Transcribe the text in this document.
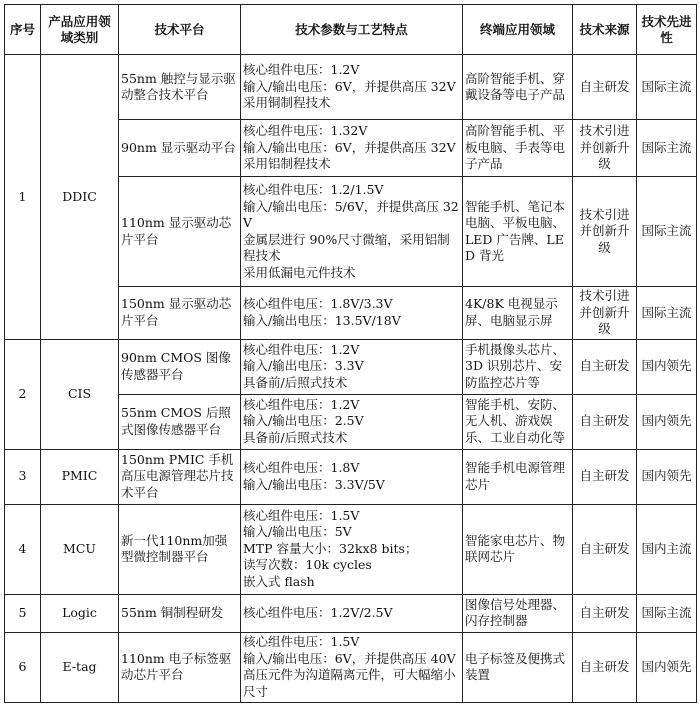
序号	产品应用领域类别	技术平台	技术参数与工艺特点	终端应用领域	技术来源	技术先进性
1	DDIC	55nm 触控与显示驱动整合技术平台	核心组件电压：1.2V
输入/输出电压：6V，并提供高压 32V
采用铜制程技术	高阶智能手机、穿戴设备等电子产品	自主研发	国际主流
		90nm 显示驱动平台	核心组件电压：1.32V
输入/输出电压：6V，并提供高压 32V
采用铝制程技术	高阶智能手机、平板电脑、手表等电子产品	技术引进并创新升级	国际主流
		110nm 显示驱动芯片平台	核心组件电压：1.2/1.5V
输入/输出电压：5/6V，并提供高压 32V
金属层进行 90%尺寸微缩，采用铝制程技术
采用低漏电元件技术	智能手机、笔记本电脑、平板电脑、LED 广告牌、LED 背光	技术引进并创新升级	国际主流
		150nm 显示驱动芯片平台	核心组件电压：1.8V/3.3V
输入/输出电压：13.5V/18V	4K/8K 电视显示屏、电脑显示屏	技术引进并创新升级	国际主流
2	CIS	90nm CMOS 图像传感器平台	核心组件电压：1.2V
输入/输出电压：3.3V
具备前/后照式技术	手机摄像头芯片、3D 识别芯片、安防监控芯片等	自主研发	国内领先
		55nm CMOS 后照式图像传感器平台	核心组件电压：1.2V
输入/输出电压：2.5V
具备前/后照式技术	智能手机、安防、无人机、游戏娱乐、工业自动化等	自主研发	国内领先
3	PMIC	150nm PMIC 手机高压电源管理芯片技术平台	核心组件电压：1.8V
输入/输出电压：3.3V/5V	智能手机电源管理芯片	自主研发	国内领先
4	MCU	新一代110nm加强型微控制器平台	核心组件电压：1.5V
输入/输出电压：5V
MTP 容量大小：32kx8 bits；
读写次数：10k cycles
嵌入式 flash	智能家电芯片、物联网芯片	自主研发	国内主流
5	Logic	55nm 铜制程研发	核心组件电压：1.2V/2.5V	图像信号处理器、闪存控制器	自主研发	国际主流
6	E-tag	110nm 电子标签驱动芯片平台	核心组件电压：1.5V
输入/输出电压：6V，并提供高压 40V 高压元件为沟道隔离元件，可大幅缩小尺寸	电子标签及便携式装置	自主研发	国内领先
